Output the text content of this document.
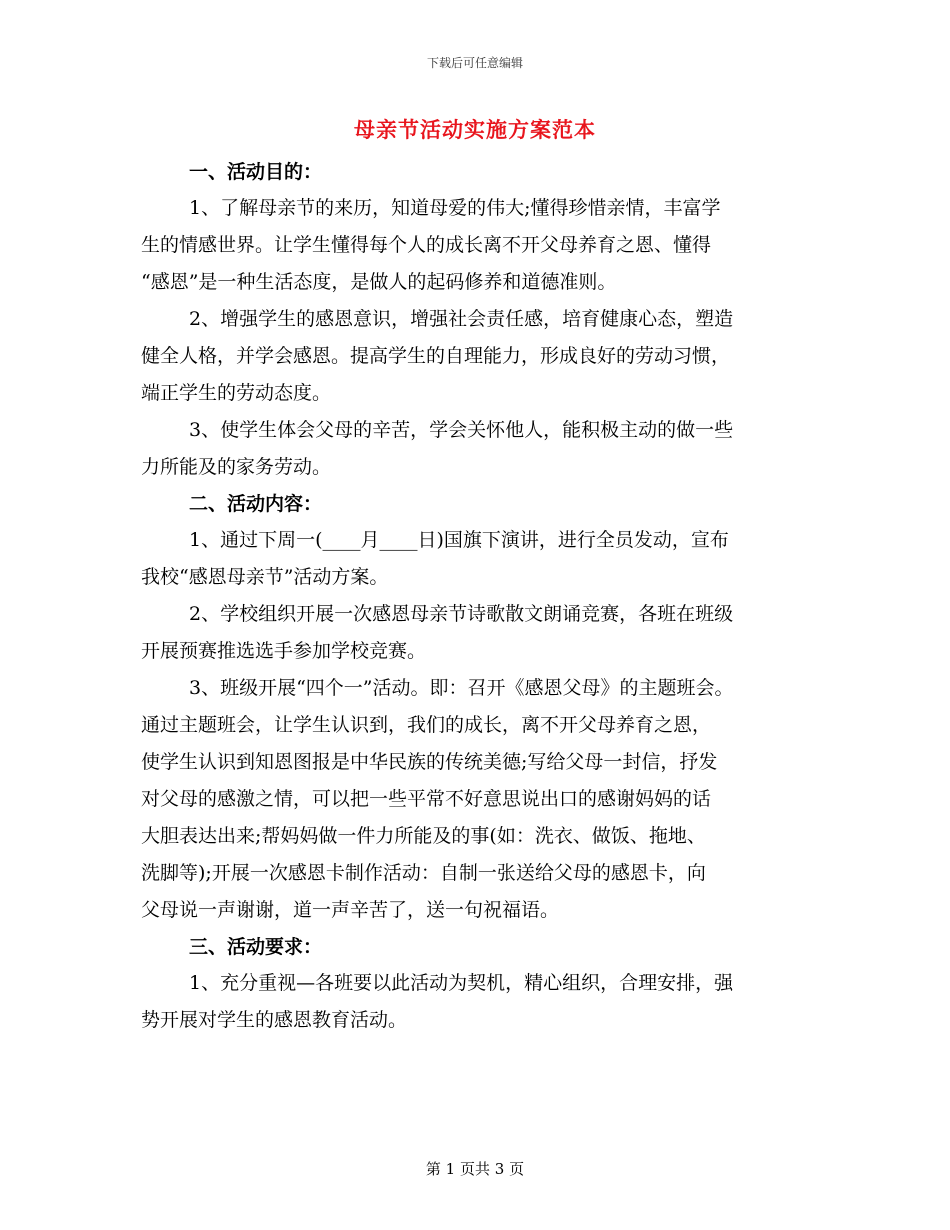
下载后可任意编辑
母亲节活动实施方案范本
一、活动目的：
1、了解母亲节的来历，知道母爱的伟大;懂得珍惜亲情，丰富学
生的情感世界。让学生懂得每个人的成长离不开父母养育之恩、懂得
“感恩”是一种生活态度，是做人的起码修养和道德准则。
2、增强学生的感恩意识，增强社会责任感，培育健康心态，塑造
健全人格，并学会感恩。提高学生的自理能力，形成良好的劳动习惯，
端正学生的劳动态度。
3、使学生体会父母的辛苦，学会关怀他人，能积极主动的做一些
力所能及的家务劳动。
二、活动内容：
1、通过下周一(____月____日)国旗下演讲，进行全员发动，宣布
我校“感恩母亲节”活动方案。
2、学校组织开展一次感恩母亲节诗歌散文朗诵竞赛，各班在班级
开展预赛推选选手参加学校竞赛。
3、班级开展“四个一”活动。即：召开《感恩父母》的主题班会。
通过主题班会，让学生认识到，我们的成长，离不开父母养育之恩，
使学生认识到知恩图报是中华民族的传统美德;写给父母一封信，抒发
对父母的感激之情，可以把一些平常不好意思说出口的感谢妈妈的话
大胆表达出来;帮妈妈做一件力所能及的事(如：洗衣、做饭、拖地、
洗脚等);开展一次感恩卡制作活动：自制一张送给父母的感恩卡，向
父母说一声谢谢，道一声辛苦了，送一句祝福语。
三、活动要求：
1、充分重视—各班要以此活动为契机，精心组织，合理安排，强
势开展对学生的感恩教育活动。
第 1 页共 3 页
